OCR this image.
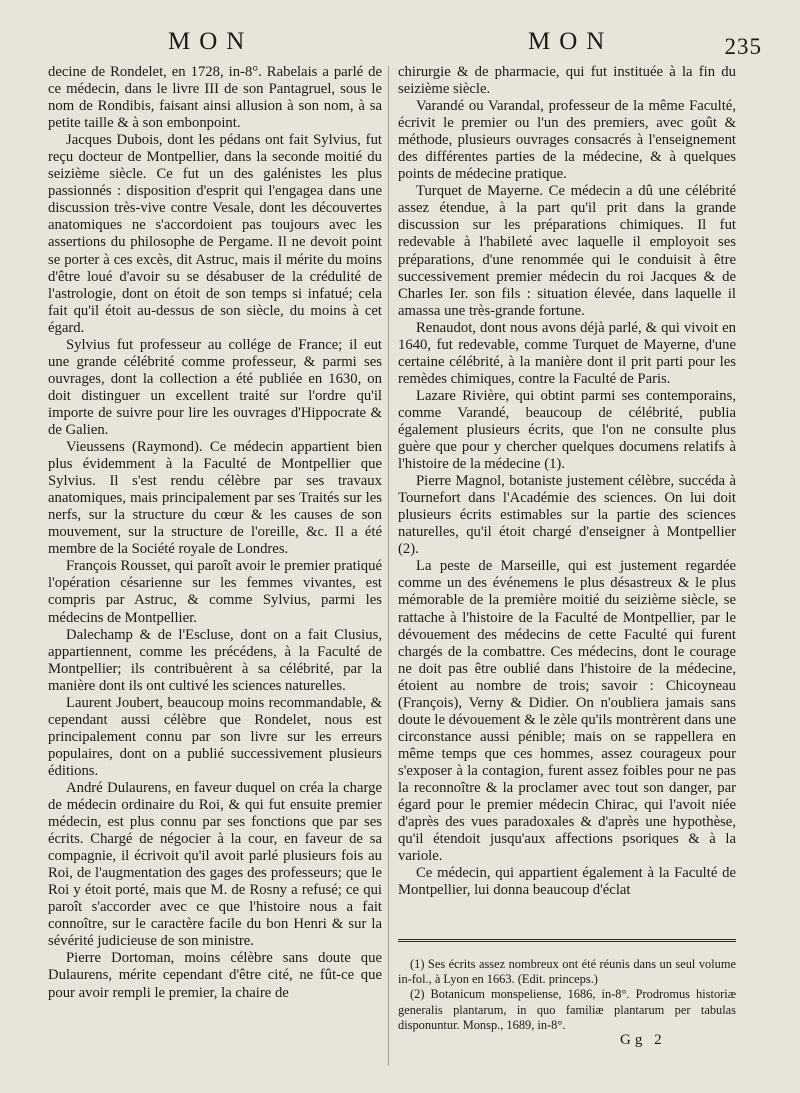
MON	MON	235

decine de Rondelet, en 1728, in-8°. Rabelais a parlé de ce médecin, dans le livre III de son Pantagruel, sous le nom de Rondibis, faisant ainsi allusion à son nom, à sa petite taille & à son embonpoint.

Jacques Dubois, dont les pédans ont fait Sylvius, fut reçu docteur de Montpellier, dans la seconde moitié du seizième siècle. Ce fut un des galénistes les plus passionnés : disposition d'esprit qui l'engagea dans une discussion très-vive contre Vesale, dont les découvertes anatomiques ne s'accordoient pas toujours avec les assertions du philosophe de Pergame. Il ne devoit point se porter à ces excès, dit Astruc, mais il mérite du moins d'être loué d'avoir su se désabuser de la crédulité de l'astrologie, dont on étoit de son temps si infatué; cela fait qu'il étoit au-dessus de son siècle, du moins à cet égard.

Sylvius fut professeur au collége de France; il eut une grande célébrité comme professeur, & parmi ses ouvrages, dont la collection a été publiée en 1630, on doit distinguer un excellent traité sur l'ordre qu'il importe de suivre pour lire les ouvrages d'Hippocrate & de Galien.

Vieussens (Raymond). Ce médecin appartient bien plus évidemment à la Faculté de Montpellier que Sylvius. Il s'est rendu célèbre par ses travaux anatomiques, mais principalement par ses Traités sur les nerfs, sur la structure du cœur & les causes de son mouvement, sur la structure de l'oreille, &c. Il a été membre de la Société royale de Londres.

François Rousset, qui paroît avoir le premier pratiqué l'opération césarienne sur les femmes vivantes, est compris par Astruc, & comme Sylvius, parmi les médecins de Montpellier.

Dalechamp & de l'Escluse, dont on a fait Clusius, appartiennent, comme les précédens, à la Faculté de Montpellier; ils contribuèrent à sa célébrité, par la manière dont ils ont cultivé les sciences naturelles.

Laurent Joubert, beaucoup moins recommandable, & cependant aussi célèbre que Rondelet, nous est principalement connu par son livre sur les erreurs populaires, dont on a publié successivement plusieurs éditions.

André Dulaurens, en faveur duquel on créa la charge de médecin ordinaire du Roi, & qui fut ensuite premier médecin, est plus connu par ses fonctions que par ses écrits. Chargé de négocier à la cour, en faveur de sa compagnie, il écrivoit qu'il avoit parlé plusieurs fois au Roi, de l'augmentation des gages des professeurs; que le Roi y étoit porté, mais que M. de Rosny a refusé; ce qui paroît s'accorder avec ce que l'histoire nous a fait connoître, sur le caractère facile du bon Henri & sur la sévérité judicieuse de son ministre.

Pierre Dortoman, moins célèbre sans doute que Dulaurens, mérite cependant d'être cité, ne fût-ce que pour avoir rempli le premier, la chaire de

chirurgie & de pharmacie, qui fut instituée à la fin du seizième siècle.

Varandé ou Varandal, professeur de la même Faculté, écrivit le premier ou l'un des premiers, avec goût & méthode, plusieurs ouvrages consacrés à l'enseignement des différentes parties de la médecine, & à quelques points de médecine pratique.

Turquet de Mayerne. Ce médecin a dû une célébrité assez étendue, à la part qu'il prit dans la grande discussion sur les préparations chimiques. Il fut redevable à l'habileté avec laquelle il employoit ses préparations, d'une renommée qui le conduisit à être successivement premier médecin du roi Jacques & de Charles Ier. son fils : situation élevée, dans laquelle il amassa une très-grande fortune.

Renaudot, dont nous avons déjà parlé, & qui vivoit en 1640, fut redevable, comme Turquet de Mayerne, d'une certaine célébrité, à la manière dont il prit parti pour les remèdes chimiques, contre la Faculté de Paris.

Lazare Rivière, qui obtint parmi ses contemporains, comme Varandé, beaucoup de célébrité, publia également plusieurs écrits, que l'on ne consulte plus guère que pour y chercher quelques documens relatifs à l'histoire de la médecine (1).

Pierre Magnol, botaniste justement célèbre, succéda à Tournefort dans l'Académie des sciences. On lui doit plusieurs écrits estimables sur la partie des sciences naturelles, qu'il étoit chargé d'enseigner à Montpellier (2).

La peste de Marseille, qui est justement regardée comme un des événemens le plus désastreux & le plus mémorable de la première moitié du seizième siècle, se rattache à l'histoire de la Faculté de Montpellier, par le dévouement des médecins de cette Faculté qui furent chargés de la combattre. Ces médecins, dont le courage ne doit pas être oublié dans l'histoire de la médecine, étoient au nombre de trois; savoir : Chicoyneau (François), Verny & Didier. On n'oubliera jamais sans doute le dévouement & le zèle qu'ils montrèrent dans une circonstance aussi pénible; mais on se rappellera en même temps que ces hommes, assez courageux pour s'exposer à la contagion, furent assez foibles pour ne pas la reconnoître & la proclamer avec tout son danger, par égard pour le premier médecin Chirac, qui l'avoit niée d'après des vues paradoxales & d'après une hypothèse, qu'il étendoit jusqu'aux affections psoriques & à la variole.

Ce médecin, qui appartient également à la Faculté de Montpellier, lui donna beaucoup d'éclat

(1) Ses écrits assez nombreux ont été réunis dans un seul volume in-fol., à Lyon en 1663. (Edit. princeps.)

(2) Botanicum monspeliense, 1686, in-8°. Prodromus historiæ generalis plantarum, in quo familiæ plantarum per tabulas disponuntur. Monsp., 1689, in-8°.

Gg 2
